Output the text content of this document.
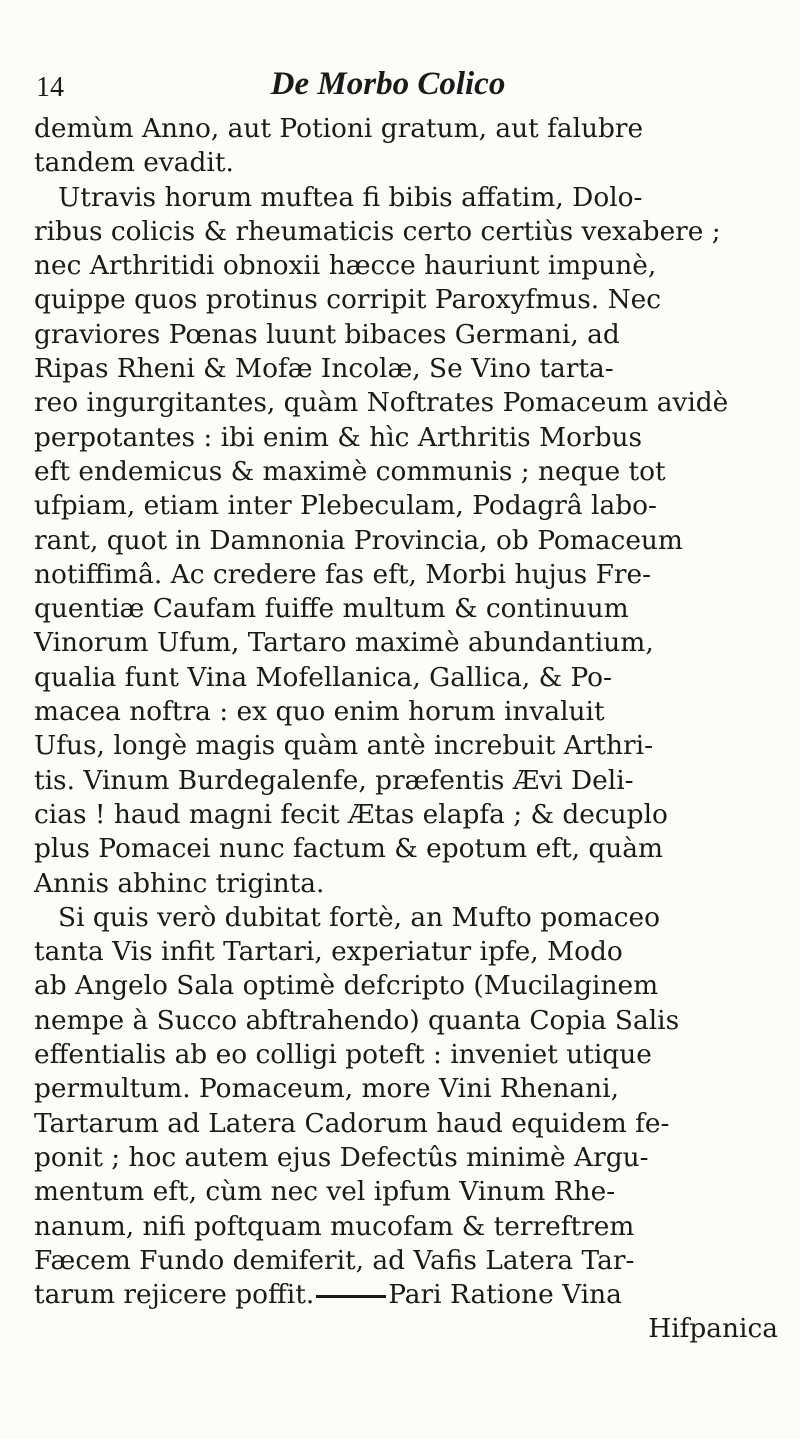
14	De Morbo Colico
demùm Anno, aut Potioni gratum, aut falubre
tandem evadit.
Utravis horum muftea fi bibis affatim, Dolo-
ribus colicis & rheumaticis certo certiùs vexabere ;
nec Arthritidi obnoxii hæcce hauriunt impunè,
quippe quos protinus corripit Paroxyfmus. Nec
graviores Pœnas luunt bibaces Germani, ad
Ripas Rheni & Mofæ Incolæ, Se Vino tarta-
reo ingurgitantes, quàm Noftrates Pomaceum avidè
perpotantes : ibi enim & hìc Arthritis Morbus
eft endemicus & maximè communis ; neque tot
ufpiam, etiam inter Plebeculam, Podagrâ labo-
rant, quot in Damnonia Provincia, ob Pomaceum
notiffimâ. Ac credere fas eft, Morbi hujus Fre-
quentiæ Caufam fuiffe multum & continuum
Vinorum Ufum, Tartaro maximè abundantium,
qualia funt Vina Mofellanica, Gallica, & Po-
macea noftra : ex quo enim horum invaluit
Ufus, longè magis quàm antè increbuit Arthri-
tis. Vinum Burdegalenfe, præfentis Ævi Deli-
cias ! haud magni fecit Ætas elapfa ; & decuplo
plus Pomacei nunc factum & epotum eft, quàm
Annis abhinc triginta.
Si quis verò dubitat fortè, an Mufto pomaceo
tanta Vis infit Tartari, experiatur ipfe, Modo
ab Angelo Sala optimè defcripto (Mucilaginem
nempe à Succo abftrahendo) quanta Copia Salis
effentialis ab eo colligi poteft : inveniet utique
permultum. Pomaceum, more Vini Rhenani,
Tartarum ad Latera Cadorum haud equidem fe-
ponit ; hoc autem ejus Defectûs minimè Argu-
mentum eft, cùm nec vel ipfum Vinum Rhe-
nanum, nifi poftquam mucofam & terreftrem
Fæcem Fundo demiferit, ad Vafis Latera Tar-
tarum rejicere poffit.	Pari Ratione Vina
Hifpanica
